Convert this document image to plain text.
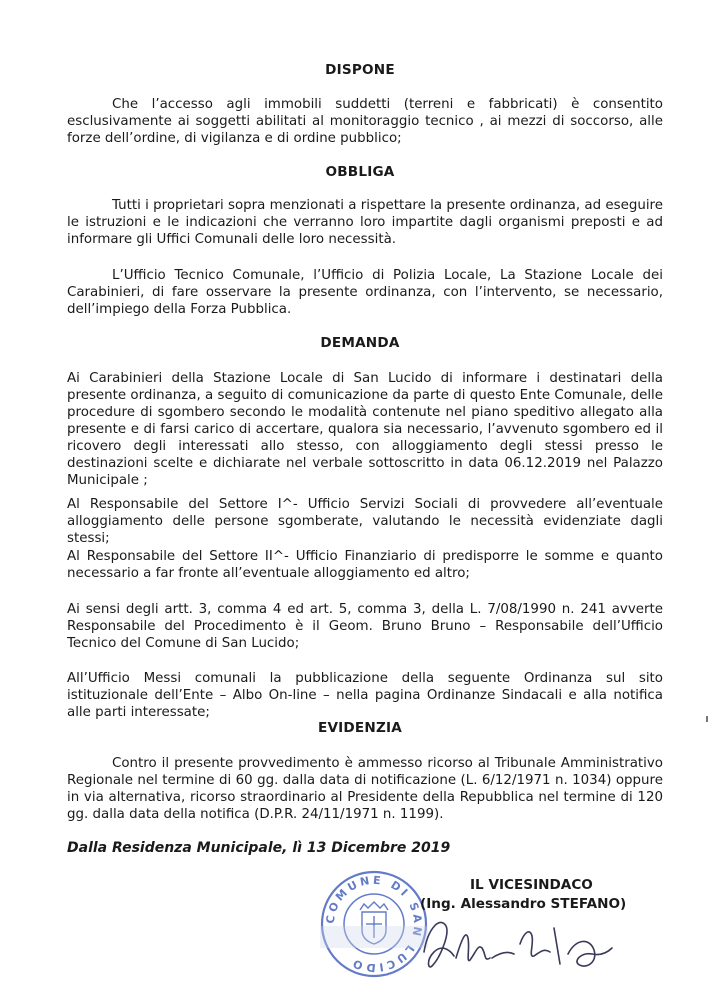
DISPONE
Che l’accesso agli immobili suddetti (terreni e fabbricati) è consentito esclusivamente ai soggetti abilitati al monitoraggio tecnico , ai mezzi di soccorso, alle forze dell’ordine, di vigilanza e di ordine pubblico;
OBBLIGA
Tutti i proprietari sopra menzionati a rispettare la presente ordinanza, ad eseguire le istruzioni e le indicazioni che verranno loro impartite dagli organismi preposti e ad informare gli Uffici Comunali delle loro necessità.
L’Ufficio Tecnico Comunale, l’Ufficio di Polizia Locale, La Stazione Locale dei Carabinieri, di fare osservare la presente ordinanza, con l’intervento, se necessario, dell’impiego della Forza Pubblica.
DEMANDA
Ai Carabinieri della Stazione Locale di San Lucido di informare i destinatari della presente ordinanza, a seguito di comunicazione da parte di questo Ente Comunale, delle procedure di sgombero secondo le modalità contenute nel piano speditivo allegato alla presente e di farsi carico di accertare, qualora sia necessario, l’avvenuto sgombero ed il ricovero degli interessati allo stesso, con alloggiamento degli stessi presso le destinazioni scelte e dichiarate nel verbale sottoscritto in data 06.12.2019 nel Palazzo Municipale ;
Al Responsabile del Settore I^- Ufficio Servizi Sociali di provvedere all’eventuale alloggiamento delle persone sgomberate, valutando le necessità evidenziate dagli stessi;
Al Responsabile del Settore II^- Ufficio Finanziario di predisporre le somme e quanto necessario a far fronte all’eventuale alloggiamento ed altro;
Ai sensi degli artt. 3, comma 4 ed art. 5, comma 3, della L. 7/08/1990 n. 241 avverte Responsabile del Procedimento è il Geom. Bruno Bruno – Responsabile dell’Ufficio Tecnico del Comune di San Lucido;
All’Ufficio Messi comunali la pubblicazione della seguente Ordinanza sul sito istituzionale dell’Ente – Albo On-line – nella pagina Ordinanze Sindacali e alla notifica alle parti interessate;
EVIDENZIA
Contro il presente provvedimento è ammesso ricorso al Tribunale Amministrativo Regionale nel termine di 60 gg. dalla data di notificazione (L. 6/12/1971 n. 1034) oppure in via alternativa, ricorso straordinario al Presidente della Repubblica nel termine di 120 gg. dalla data della notifica (D.P.R. 24/11/1971 n. 1199).
Dalla Residenza Municipale, lì 13 Dicembre 2019
COMUNE DI SAN LUCIDO
IL VICESINDACO
(Ing. Alessandro STEFANO)
